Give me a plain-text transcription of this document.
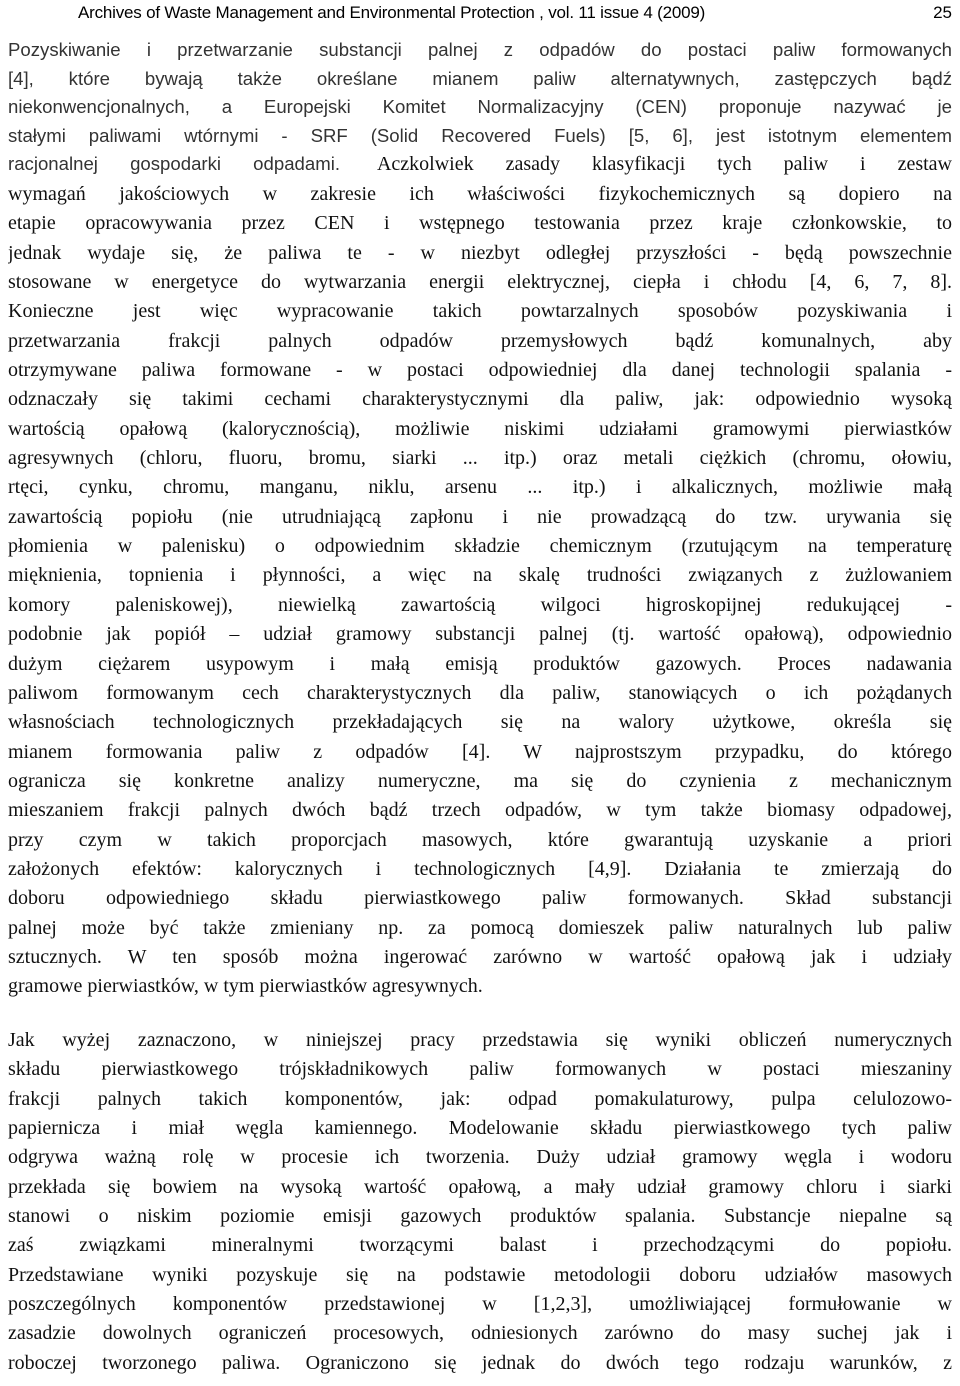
Archives of Waste Management and Environmental Protection , vol. 11 issue 4 (2009)	25
Pozyskiwanie i przetwarzanie substancji palnej z odpadów do postaci paliw formowanych
[4], które bywają także określane mianem paliw alternatywnych, zastępczych bądź
niekonwencjonalnych, a Europejski Komitet Normalizacyjny (CEN) proponuje nazywać je
stałymi paliwami wtórnymi - SRF (Solid Recovered Fuels) [5, 6], jest istotnym elementem
racjonalnej gospodarki odpadami. Aczkolwiek zasady klasyfikacji tych paliw i zestaw
wymagań jakościowych w zakresie ich właściwości fizykochemicznych są dopiero na
etapie opracowywania przez CEN i wstępnego testowania przez kraje członkowskie, to
jednak wydaje się, że paliwa te - w niezbyt odległej przyszłości - będą powszechnie
stosowane w energetyce do wytwarzania energii elektrycznej, ciepła i chłodu [4, 6, 7, 8].
Konieczne jest więc wypracowanie takich powtarzalnych sposobów pozyskiwania i
przetwarzania frakcji palnych odpadów przemysłowych bądź komunalnych, aby
otrzymywane paliwa formowane - w postaci odpowiedniej dla danej technologii spalania -
odznaczały się takimi cechami charakterystycznymi dla paliw, jak: odpowiednio wysoką
wartością opałową (kalorycznością), możliwie niskimi udziałami gramowymi pierwiastków
agresywnych (chloru, fluoru, bromu, siarki ... itp.) oraz metali ciężkich (chromu, ołowiu,
rtęci, cynku, chromu, manganu, niklu, arsenu ... itp.) i alkalicznych, możliwie małą
zawartością popiołu (nie utrudniającą zapłonu i nie prowadzącą do tzw. urywania się
płomienia w palenisku) o odpowiednim składzie chemicznym (rzutującym na temperaturę
mięknienia, topnienia i płynności, a więc na skalę trudności związanych z żużlowaniem
komory paleniskowej), niewielką zawartością wilgoci higroskopijnej redukującej -
podobnie jak popiół – udział gramowy substancji palnej (tj. wartość opałową), odpowiednio
dużym ciężarem usypowym i małą emisją produktów gazowych. Proces nadawania
paliwom formowanym cech charakterystycznych dla paliw, stanowiących o ich pożądanych
własnościach technologicznych przekładających się na walory użytkowe, określa się
mianem formowania paliw z odpadów [4]. W najprostszym przypadku, do którego
ogranicza się konkretne analizy numeryczne, ma się do czynienia z mechanicznym
mieszaniem frakcji palnych dwóch bądź trzech odpadów, w tym także biomasy odpadowej,
przy czym w takich proporcjach masowych, które gwarantują uzyskanie a priori
założonych efektów: kalorycznych i technologicznych [4,9]. Działania te zmierzają do
doboru odpowiedniego składu pierwiastkowego paliw formowanych. Skład substancji
palnej może być także zmieniany np. za pomocą domieszek paliw naturalnych lub paliw
sztucznych. W ten sposób można ingerować zarówno w wartość opałową jak i udziały
gramowe pierwiastków, w tym pierwiastków agresywnych.
Jak wyżej zaznaczono, w niniejszej pracy przedstawia się wyniki obliczeń numerycznych
składu pierwiastkowego trójskładnikowych paliw formowanych w postaci mieszaniny
frakcji palnych takich komponentów, jak: odpad pomakulaturowy, pulpa celulozowo-
papiernicza i miał węgla kamiennego. Modelowanie składu pierwiastkowego tych paliw
odgrywa ważną rolę w procesie ich tworzenia. Duży udział gramowy węgla i wodoru
przekłada się bowiem na wysoką wartość opałową, a mały udział gramowy chloru i siarki
stanowi o niskim poziomie emisji gazowych produktów spalania. Substancje niepalne są
zaś związkami mineralnymi tworzącymi balast i przechodzącymi do popiołu.
Przedstawiane wyniki pozyskuje się na podstawie metodologii doboru udziałów masowych
poszczególnych komponentów przedstawionej w [1,2,3], umożliwiającej formułowanie w
zasadzie dowolnych ograniczeń procesowych, odniesionych zarówno do masy suchej jak i
roboczej tworzonego paliwa. Ograniczono się jednak do dwóch tego rodzaju warunków, z
